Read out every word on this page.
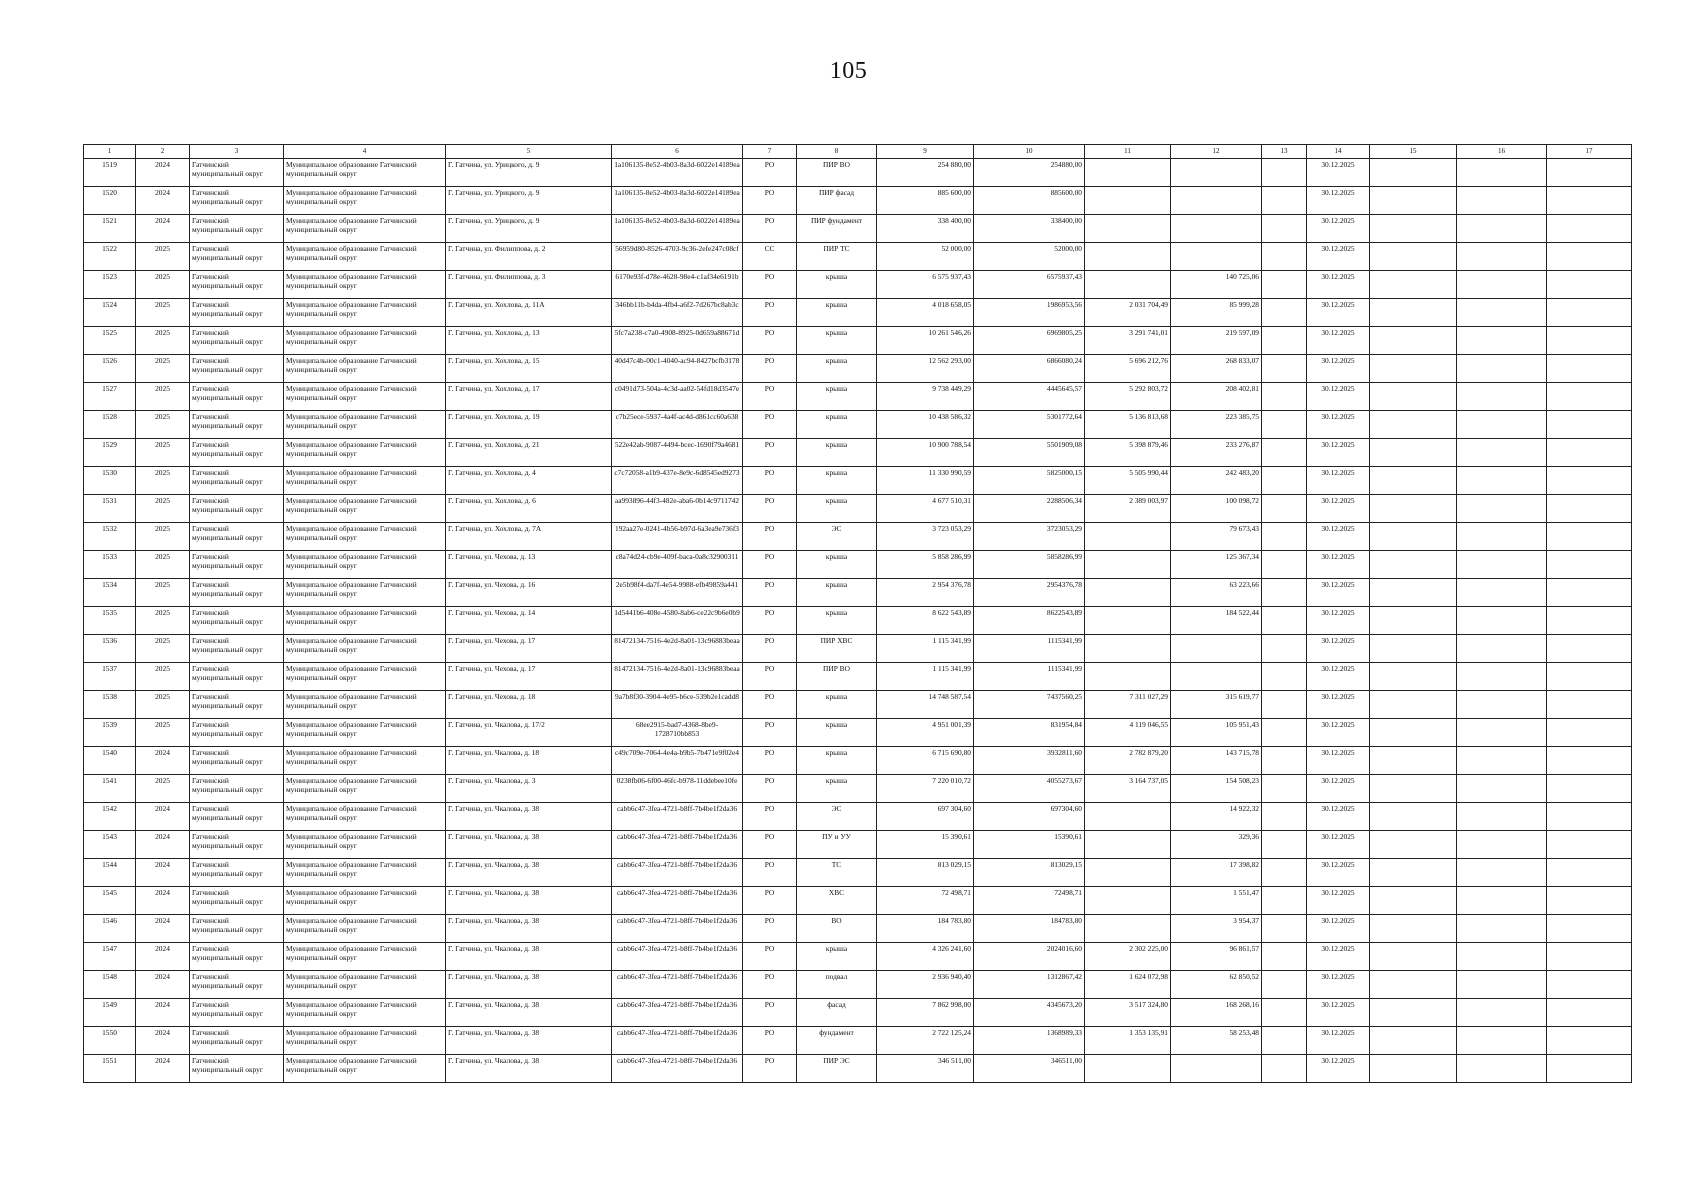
105
1	2	3	4	5	6	7	8	9	10	11	12	13	14	15	16	17
1519	2024	Гатчинский муниципальный округ	Муниципальное образование Гатчинский муниципальный округ	Г. Гатчина, ул. Урицкого, д. 9	1a106135-8e52-4b03-8a3d-6022e14189ea	РО	ПИР ВО	254 880,00	254880,00				30.12.2025			
1520	2024	Гатчинский муниципальный округ	Муниципальное образование Гатчинский муниципальный округ	Г. Гатчина, ул. Урицкого, д. 9	1a106135-8e52-4b03-8a3d-6022e14189ea	РО	ПИР фасад	885 600,00	885600,00				30.12.2025			
1521	2024	Гатчинский муниципальный округ	Муниципальное образование Гатчинский муниципальный округ	Г. Гатчина, ул. Урицкого, д. 9	1a106135-8e52-4b03-8a3d-6022e14189ea	РО	ПИР фундамент	338 400,00	338400,00				30.12.2025			
1522	2025	Гатчинский муниципальный округ	Муниципальное образование Гатчинский муниципальный округ	Г. Гатчина, ул. Филиппова, д. 2	56959d80-8526-4703-9c36-2efe247c08cf	СС	ПИР ТС	52 000,00	52000,00				30.12.2025			
1523	2025	Гатчинский муниципальный округ	Муниципальное образование Гатчинский муниципальный округ	Г. Гатчина, ул. Филиппова, д. 3	6170e93f-d78e-4628-98e4-c1af34e6191b	РО	крыша	6 575 937,43	6575937,43		140 725,06		30.12.2025			
1524	2025	Гатчинский муниципальный округ	Муниципальное образование Гатчинский муниципальный округ	Г. Гатчина, ул. Хохлова, д. 11А	346bb11b-b4da-4fb4-a6f2-7d267bc8ab3c	РО	крыша	4 018 658,05	1986953,56	2 031 704,49	85 999,28		30.12.2025			
1525	2025	Гатчинский муниципальный округ	Муниципальное образование Гатчинский муниципальный округ	Г. Гатчина, ул. Хохлова, д. 13	5fc7a238-c7a0-4908-8925-0d659a88671d	РО	крыша	10 261 546,26	6969805,25	3 291 741,01	219 597,09		30.12.2025			
1526	2025	Гатчинский муниципальный округ	Муниципальное образование Гатчинский муниципальный округ	Г. Гатчина, ул. Хохлова, д. 15	40d47c4b-00c1-4040-ac94-8427bcfb3178	РО	крыша	12 562 293,00	6866080,24	5 696 212,76	268 833,07		30.12.2025			
1527	2025	Гатчинский муниципальный округ	Муниципальное образование Гатчинский муниципальный округ	Г. Гатчина, ул. Хохлова, д. 17	c0491d73-504a-4c3d-aa02-54fd18d3547e	РО	крыша	9 738 449,29	4445645,57	5 292 803,72	208 402,81		30.12.2025			
1528	2025	Гатчинский муниципальный округ	Муниципальное образование Гатчинский муниципальный округ	Г. Гатчина, ул. Хохлова, д. 19	c7b25ece-5937-4a4f-ac4d-d861cc60a638	РО	крыша	10 438 586,32	5301772,64	5 136 813,68	223 385,75		30.12.2025			
1529	2025	Гатчинский муниципальный округ	Муниципальное образование Гатчинский муниципальный округ	Г. Гатчина, ул. Хохлова, д. 21	522e42ab-9087-4494-bcec-1690f79a4681	РО	крыша	10 900 788,54	5501909,08	5 398 879,46	233 276,87		30.12.2025			
1530	2025	Гатчинский муниципальный округ	Муниципальное образование Гатчинский муниципальный округ	Г. Гатчина, ул. Хохлова, д. 4	c7c72058-a1b9-437e-8e9c-6d8545ed9273	РО	крыша	11 330 990,59	5825000,15	5 505 990,44	242 483,20		30.12.2025			
1531	2025	Гатчинский муниципальный округ	Муниципальное образование Гатчинский муниципальный округ	Г. Гатчина, ул. Хохлова, д. 6	aa993896-44f3-482e-aba6-0b14c9711742	РО	крыша	4 677 510,31	2288506,34	2 389 003,97	100 098,72		30.12.2025			
1532	2025	Гатчинский муниципальный округ	Муниципальное образование Гатчинский муниципальный округ	Г. Гатчина, ул. Хохлова, д. 7А	192aa27e-0241-4b56-b97d-6a3ea9e736f3	РО	ЭС	3 723 053,29	3723053,29		79 673,43		30.12.2025			
1533	2025	Гатчинский муниципальный округ	Муниципальное образование Гатчинский муниципальный округ	Г. Гатчина, ул. Чехова, д. 13	c8a74d24-cb9e-409f-baca-0a8c32900311	РО	крыша	5 858 286,99	5858286,99		125 367,34		30.12.2025			
1534	2025	Гатчинский муниципальный округ	Муниципальное образование Гатчинский муниципальный округ	Г. Гатчина, ул. Чехова, д. 16	2e5b98f4-da7f-4e54-9988-efb49859a441	РО	крыша	2 954 376,78	2954376,78		63 223,66		30.12.2025			
1535	2025	Гатчинский муниципальный округ	Муниципальное образование Гатчинский муниципальный округ	Г. Гатчина, ул. Чехова, д. 14	1d5441b6-408e-4580-8ab6-ce22c9b6e0b9	РО	крыша	8 622 543,89	8622543,89		184 522,44		30.12.2025			
1536	2025	Гатчинский муниципальный округ	Муниципальное образование Гатчинский муниципальный округ	Г. Гатчина, ул. Чехова, д. 17	81472134-7516-4e2d-8a01-13c96883beaa	РО	ПИР ХВС	1 115 341,99	1115341,99				30.12.2025			
1537	2025	Гатчинский муниципальный округ	Муниципальное образование Гатчинский муниципальный округ	Г. Гатчина, ул. Чехова, д. 17	81472134-7516-4e2d-8a01-13c96883beaa	РО	ПИР ВО	1 115 341,99	1115341,99				30.12.2025			
1538	2025	Гатчинский муниципальный округ	Муниципальное образование Гатчинский муниципальный округ	Г. Гатчина, ул. Чехова, д. 18	9a7b8f30-3904-4e95-b6ce-539b2e1cadd8	РО	крыша	14 748 587,54	7437560,25	7 311 027,29	315 619,77		30.12.2025			
1539	2025	Гатчинский муниципальный округ	Муниципальное образование Гатчинский муниципальный округ	Г. Гатчина, ул. Чкалова, д. 17/2	68ee2915-bad7-4368-8be9-1728710bb853	РО	крыша	4 951 001,39	831954,84	4 119 046,55	105 951,43		30.12.2025			
1540	2024	Гатчинский муниципальный округ	Муниципальное образование Гатчинский муниципальный округ	Г. Гатчина, ул. Чкалова, д. 18	c49c709e-7064-4e4a-b9b5-7b471e9f02e4	РО	крыша	6 715 690,80	3932811,60	2 782 879,20	143 715,78		30.12.2025			
1541	2025	Гатчинский муниципальный округ	Муниципальное образование Гатчинский муниципальный округ	Г. Гатчина, ул. Чкалова, д. 3	0238fb06-6f00-46fc-b978-11ddebee10fe	РО	крыша	7 220 010,72	4055273,67	3 164 737,05	154 508,23		30.12.2025			
1542	2024	Гатчинский муниципальный округ	Муниципальное образование Гатчинский муниципальный округ	Г. Гатчина, ул. Чкалова, д. 38	cabb6c47-3fea-4721-b8ff-7b4be1f2da36	РО	ЭС	697 304,60	697304,60		14 922,32		30.12.2025			
1543	2024	Гатчинский муниципальный округ	Муниципальное образование Гатчинский муниципальный округ	Г. Гатчина, ул. Чкалова, д. 38	cabb6c47-3fea-4721-b8ff-7b4be1f2da36	РО	ПУ и УУ	15 390,61	15390,61		329,36		30.12.2025			
1544	2024	Гатчинский муниципальный округ	Муниципальное образование Гатчинский муниципальный округ	Г. Гатчина, ул. Чкалова, д. 38	cabb6c47-3fea-4721-b8ff-7b4be1f2da36	РО	ТС	813 029,15	813029,15		17 398,82		30.12.2025			
1545	2024	Гатчинский муниципальный округ	Муниципальное образование Гатчинский муниципальный округ	Г. Гатчина, ул. Чкалова, д. 38	cabb6c47-3fea-4721-b8ff-7b4be1f2da36	РО	ХВС	72 498,71	72498,71		1 551,47		30.12.2025			
1546	2024	Гатчинский муниципальный округ	Муниципальное образование Гатчинский муниципальный округ	Г. Гатчина, ул. Чкалова, д. 38	cabb6c47-3fea-4721-b8ff-7b4be1f2da36	РО	ВО	184 783,80	184783,80		3 954,37		30.12.2025			
1547	2024	Гатчинский муниципальный округ	Муниципальное образование Гатчинский муниципальный округ	Г. Гатчина, ул. Чкалова, д. 38	cabb6c47-3fea-4721-b8ff-7b4be1f2da36	РО	крыша	4 326 241,60	2024016,60	2 302 225,00	96 861,57		30.12.2025			
1548	2024	Гатчинский муниципальный округ	Муниципальное образование Гатчинский муниципальный округ	Г. Гатчина, ул. Чкалова, д. 38	cabb6c47-3fea-4721-b8ff-7b4be1f2da36	РО	подвал	2 936 940,40	1312867,42	1 624 072,98	62 850,52		30.12.2025			
1549	2024	Гатчинский муниципальный округ	Муниципальное образование Гатчинский муниципальный округ	Г. Гатчина, ул. Чкалова, д. 38	cabb6c47-3fea-4721-b8ff-7b4be1f2da36	РО	фасад	7 862 998,00	4345673,20	3 517 324,80	168 268,16		30.12.2025			
1550	2024	Гатчинский муниципальный округ	Муниципальное образование Гатчинский муниципальный округ	Г. Гатчина, ул. Чкалова, д. 38	cabb6c47-3fea-4721-b8ff-7b4be1f2da36	РО	фундамент	2 722 125,24	1368989,33	1 353 135,91	58 253,48		30.12.2025			
1551	2024	Гатчинский муниципальный округ	Муниципальное образование Гатчинский муниципальный округ	Г. Гатчина, ул. Чкалова, д. 38	cabb6c47-3fea-4721-b8ff-7b4be1f2da36	РО	ПИР ЭС	346 511,00	346511,00				30.12.2025			
